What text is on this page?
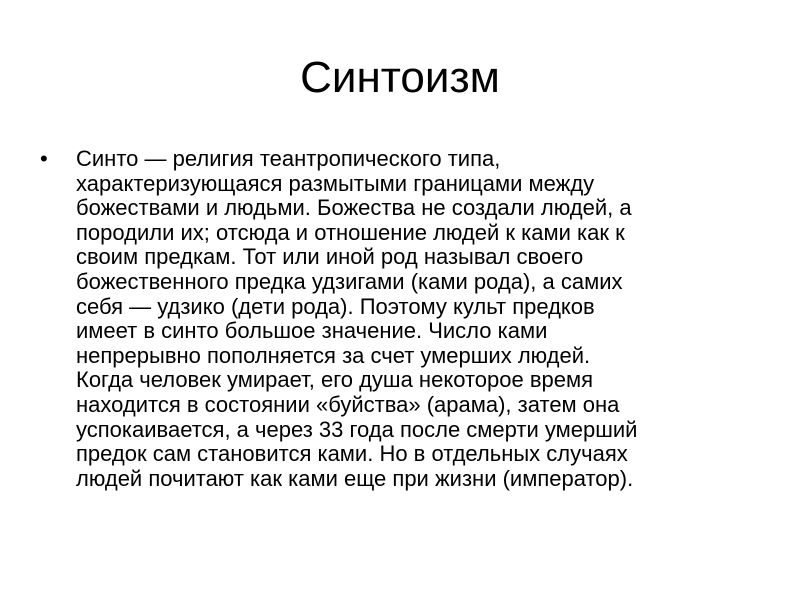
Синтоизм
• Синто — религия теантропического типа,
характеризующаяся размытыми границами между
божествами и людьми. Божества не создали людей, а
породили их; отсюда и отношение людей к ками как к
своим предкам. Тот или иной род называл своего
божественного предка удзигами (ками рода), а самих
себя — удзико (дети рода). Поэтому культ предков
имеет в синто большое значение. Число ками
непрерывно пополняется за счет умерших людей.
Когда человек умирает, его душа некоторое время
находится в состоянии «буйства» (арама), затем она
успокаивается, а через 33 года после смерти умерший
предок сам становится ками. Но в отдельных случаях
людей почитают как ками еще при жизни (император).
